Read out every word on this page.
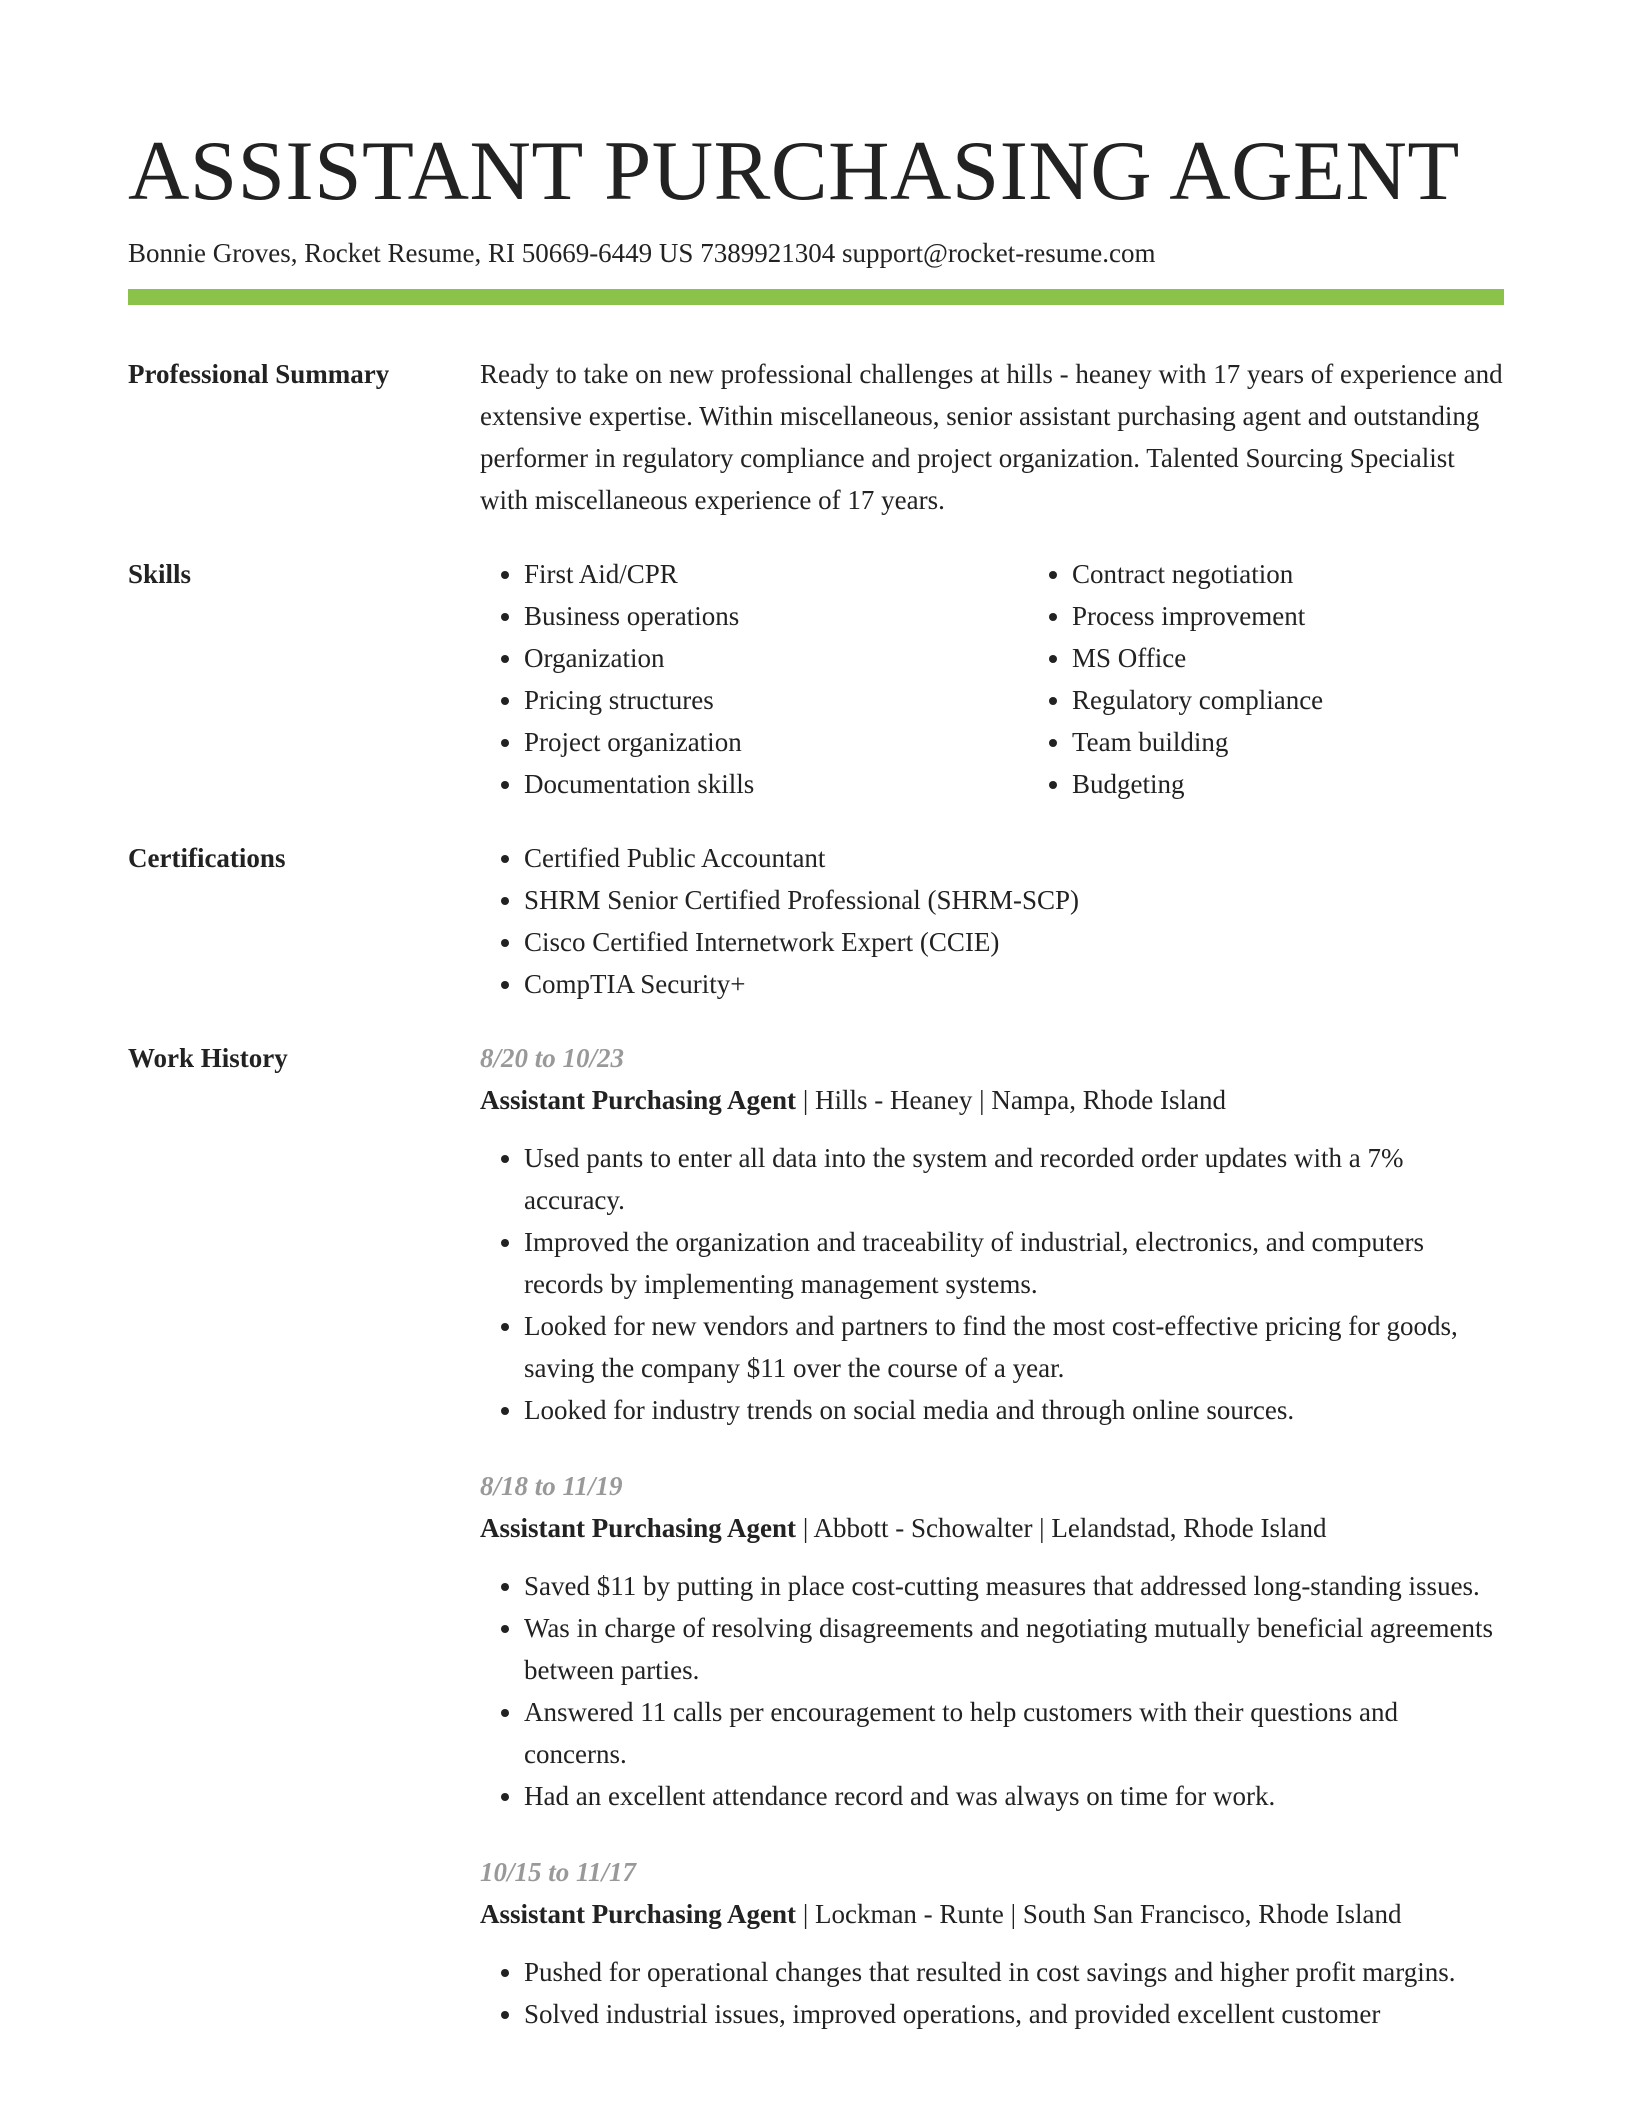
ASSISTANT PURCHASING AGENT
Bonnie Groves, Rocket Resume, RI 50669-6449 US 7389921304 support@rocket-resume.com
Professional Summary	Ready to take on new professional challenges at hills - heaney with 17 years of experience and extensive expertise. Within miscellaneous, senior assistant purchasing agent and outstanding performer in regulatory compliance and project organization. Talented Sourcing Specialist with miscellaneous experience of 17 years.

Skills	• First Aid/CPR
• Business operations
• Organization
• Pricing structures
• Project organization
• Documentation skills
• Contract negotiation
• Process improvement
• MS Office
• Regulatory compliance
• Team building
• Budgeting
Certifications	• Certified Public Accountant
• SHRM Senior Certified Professional (SHRM-SCP)
• Cisco Certified Internetwork Expert (CCIE)
• CompTIA Security+
Work History	8/20 to 10/23
Assistant Purchasing Agent | Hills - Heaney | Nampa, Rhode Island
• Used pants to enter all data into the system and recorded order updates with a 7% accuracy.
• Improved the organization and traceability of industrial, electronics, and computers records by implementing management systems.
• Looked for new vendors and partners to find the most cost-effective pricing for goods, saving the company $11 over the course of a year.
• Looked for industry trends on social media and through online sources.
8/18 to 11/19
Assistant Purchasing Agent | Abbott - Schowalter | Lelandstad, Rhode Island
• Saved $11 by putting in place cost-cutting measures that addressed long-standing issues.
• Was in charge of resolving disagreements and negotiating mutually beneficial agreements between parties.
• Answered 11 calls per encouragement to help customers with their questions and concerns.
• Had an excellent attendance record and was always on time for work.
10/15 to 11/17
Assistant Purchasing Agent | Lockman - Runte | South San Francisco, Rhode Island
• Pushed for operational changes that resulted in cost savings and higher profit margins.
• Solved industrial issues, improved operations, and provided excellent customer
